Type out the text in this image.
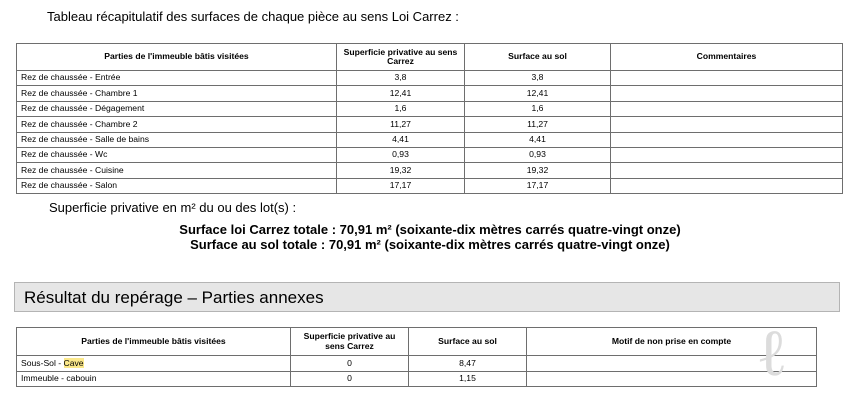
Tableau récapitulatif des surfaces de chaque pièce au sens Loi Carrez :
Parties de l'immeuble bâtis visitées	Superficie privative au sens Carrez	Surface au sol	Commentaires
Rez de chaussée - Entrée	3,8	3,8	
Rez de chaussée - Chambre 1	12,41	12,41	
Rez de chaussée - Dégagement	1,6	1,6	
Rez de chaussée - Chambre 2	11,27	11,27	
Rez de chaussée - Salle de bains	4,41	4,41	
Rez de chaussée - Wc	0,93	0,93	
Rez de chaussée - Cuisine	19,32	19,32	
Rez de chaussée - Salon	17,17	17,17	
Superficie privative en m² du ou des lot(s) :
Surface loi Carrez totale : 70,91 m² (soixante-dix mètres carrés quatre-vingt onze)
Surface au sol totale : 70,91 m² (soixante-dix mètres carrés quatre-vingt onze)
Résultat du repérage – Parties annexes
Parties de l'immeuble bâtis visitées	Superficie privative au sens Carrez	Surface au sol	Motif de non prise en compte
Sous-Sol - Cave	0	8,47	
Immeuble - cabouin	0	1,15		ℓ
